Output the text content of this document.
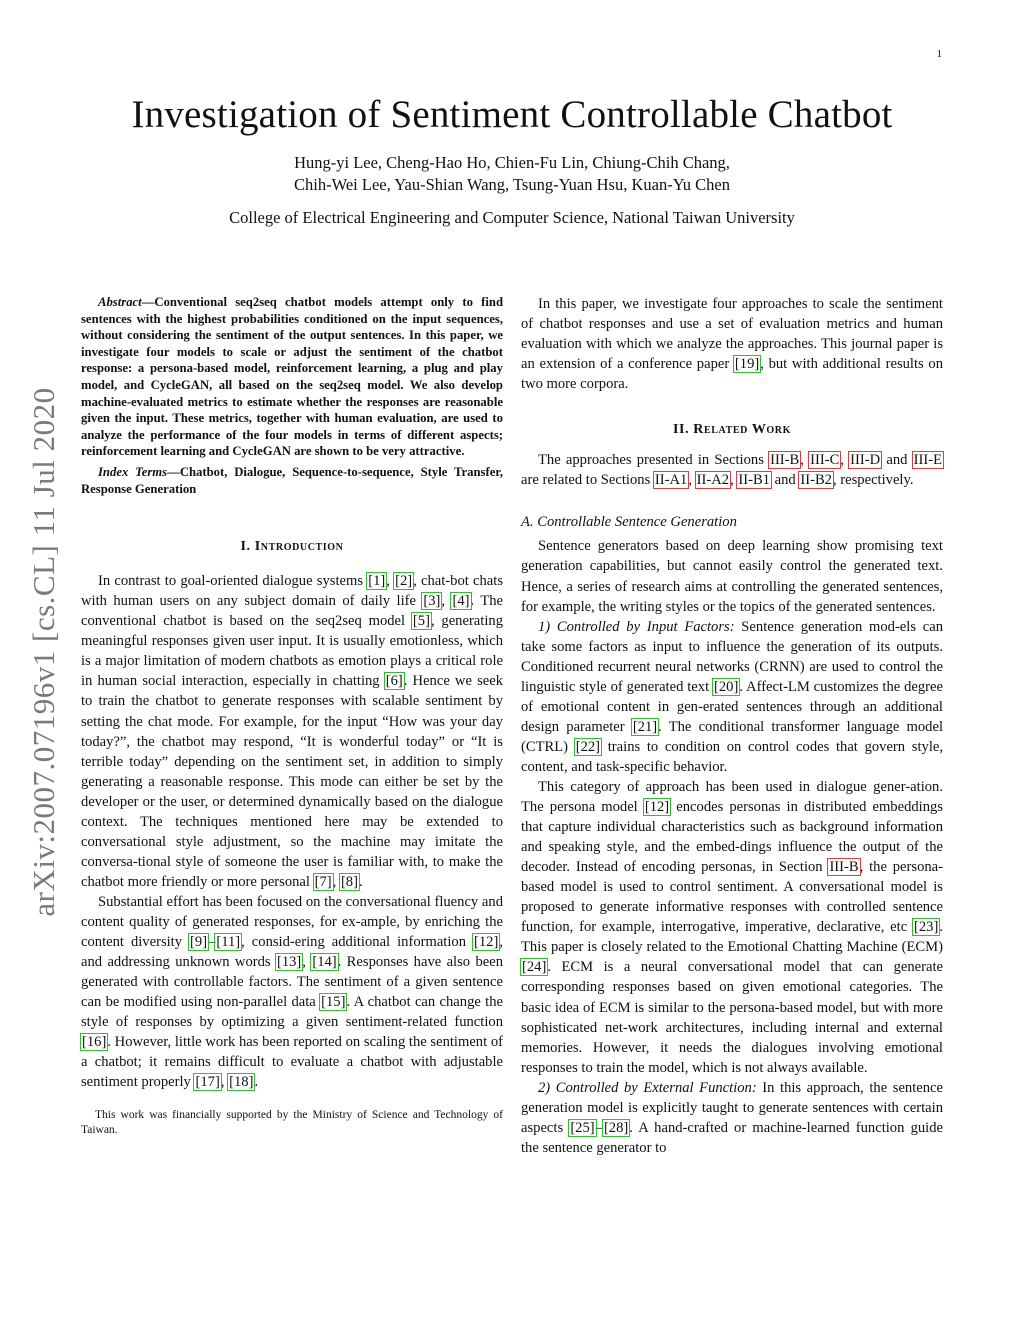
1
arXiv:2007.07196v1 [cs.CL] 11 Jul 2020
Investigation of Sentiment Controllable Chatbot
Hung-yi Lee, Cheng-Hao Ho, Chien-Fu Lin, Chiung-Chih Chang,
Chih-Wei Lee, Yau-Shian Wang, Tsung-Yuan Hsu, Kuan-Yu Chen
College of Electrical Engineering and Computer Science, National Taiwan University

Abstract—Conventional seq2seq chatbot models attempt only to find sentences with the highest probabilities conditioned on the input sequences, without considering the sentiment of the output sentences. In this paper, we investigate four models to scale or adjust the sentiment of the chatbot response: a persona-based model, reinforcement learning, a plug and play model, and CycleGAN, all based on the seq2seq model. We also develop machine-evaluated metrics to estimate whether the responses are reasonable given the input. These metrics, together with human evaluation, are used to analyze the performance of the four models in terms of different aspects; reinforcement learning and CycleGAN are shown to be very attractive.

Index Terms—Chatbot, Dialogue, Sequence-to-sequence, Style Transfer, Response Generation

I. Introduction

In contrast to goal-oriented dialogue systems [1], [2], chat-bot chats with human users on any subject domain of daily life [3], [4]. The conventional chatbot is based on the seq2seq model [5], generating meaningful responses given user input. It is usually emotionless, which is a major limitation of modern chatbots as emotion plays a critical role in human social interaction, especially in chatting [6]. Hence we seek to train the chatbot to generate responses with scalable sentiment by setting the chat mode. For example, for the input “How was your day today?”, the chatbot may respond, “It is wonderful today” or “It is terrible today” depending on the sentiment set, in addition to simply generating a reasonable response. This mode can either be set by the developer or the user, or determined dynamically based on the dialogue context. The techniques mentioned here may be extended to conversational style adjustment, so the machine may imitate the conversa-tional style of someone the user is familiar with, to make the chatbot more friendly or more personal [7], [8].

Substantial effort has been focused on the conversational fluency and content quality of generated responses, for ex-ample, by enriching the content diversity [9]–[11], consid-ering additional information [12], and addressing unknown words [13], [14]. Responses have also been generated with controllable factors. The sentiment of a given sentence can be modified using non-parallel data [15]. A chatbot can change the style of responses by optimizing a given sentiment-related function [16]. However, little work has been reported on scaling the sentiment of a chatbot; it remains difficult to evaluate a chatbot with adjustable sentiment properly [17], [18].

This work was financially supported by the Ministry of Science and Technology of Taiwan.

In this paper, we investigate four approaches to scale the sentiment of chatbot responses and use a set of evaluation metrics and human evaluation with which we analyze the approaches. This journal paper is an extension of a conference paper [19], but with additional results on two more corpora.

II. Related Work

The approaches presented in Sections III-B, III-C, III-D and III-E are related to Sections II-A1, II-A2, II-B1 and II-B2, respectively.

A. Controllable Sentence Generation

Sentence generators based on deep learning show promising text generation capabilities, but cannot easily control the generated text. Hence, a series of research aims at controlling the generated sentences, for example, the writing styles or the topics of the generated sentences.

1) Controlled by Input Factors: Sentence generation mod-els can take some factors as input to influence the generation of its outputs. Conditioned recurrent neural networks (CRNN) are used to control the linguistic style of generated text [20]. Affect-LM customizes the degree of emotional content in gen-erated sentences through an additional design parameter [21]. The conditional transformer language model (CTRL) [22] trains to condition on control codes that govern style, content, and task-specific behavior.

This category of approach has been used in dialogue gener-ation. The persona model [12] encodes personas in distributed embeddings that capture individual characteristics such as background information and speaking style, and the embed-dings influence the output of the decoder. Instead of encoding personas, in Section III-B, the persona-based model is used to control sentiment. A conversational model is proposed to generate informative responses with controlled sentence function, for example, interrogative, imperative, declarative, etc [23]. This paper is closely related to the Emotional Chatting Machine (ECM) [24]. ECM is a neural conversational model that can generate corresponding responses based on given emotional categories. The basic idea of ECM is similar to the persona-based model, but with more sophisticated net-work architectures, including internal and external memories. However, it needs the dialogues involving emotional responses to train the model, which is not always available.

2) Controlled by External Function: In this approach, the sentence generation model is explicitly taught to generate sentences with certain aspects [25]–[28]. A hand-crafted or machine-learned function guide the sentence generator to
